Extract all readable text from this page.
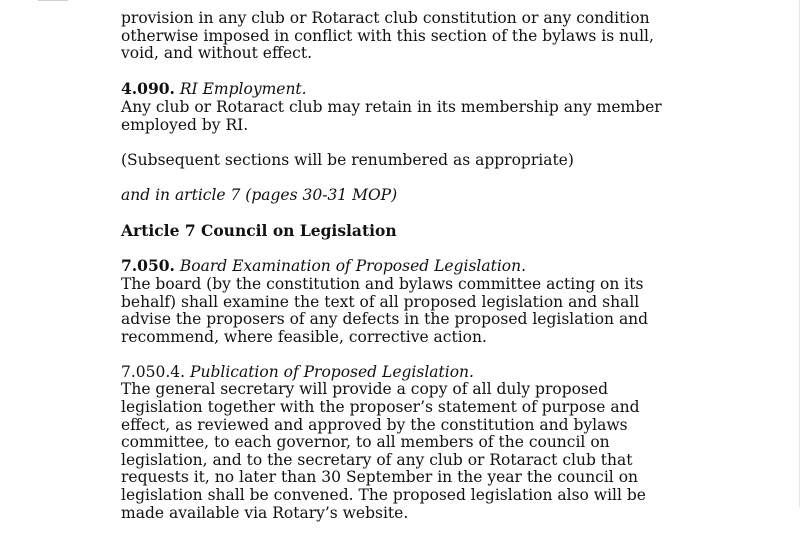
provision in any club or Rotaract club constitution or any condition otherwise imposed in conflict with this section of the bylaws is null, void, and without effect.

4.090. RI Employment.

Any club or Rotaract club may retain in its membership any member employed by RI.

(Subsequent sections will be renumbered as appropriate)

and in article 7 (pages 30-31 MOP)

Article 7 Council on Legislation

7.050. Board Examination of Proposed Legislation.

The board (by the constitution and bylaws committee acting on its behalf) shall examine the text of all proposed legislation and shall advise the proposers of any defects in the proposed legislation and recommend, where feasible, corrective action.

7.050.4. Publication of Proposed Legislation.

The general secretary will provide a copy of all duly proposed legislation together with the proposer’s statement of purpose and effect, as reviewed and approved by the constitution and bylaws committee, to each governor, to all members of the council on legislation, and to the secretary of any club or Rotaract club that requests it, no later than 30 September in the year the council on legislation shall be convened. The proposed legislation also will be made available via Rotary’s website.
